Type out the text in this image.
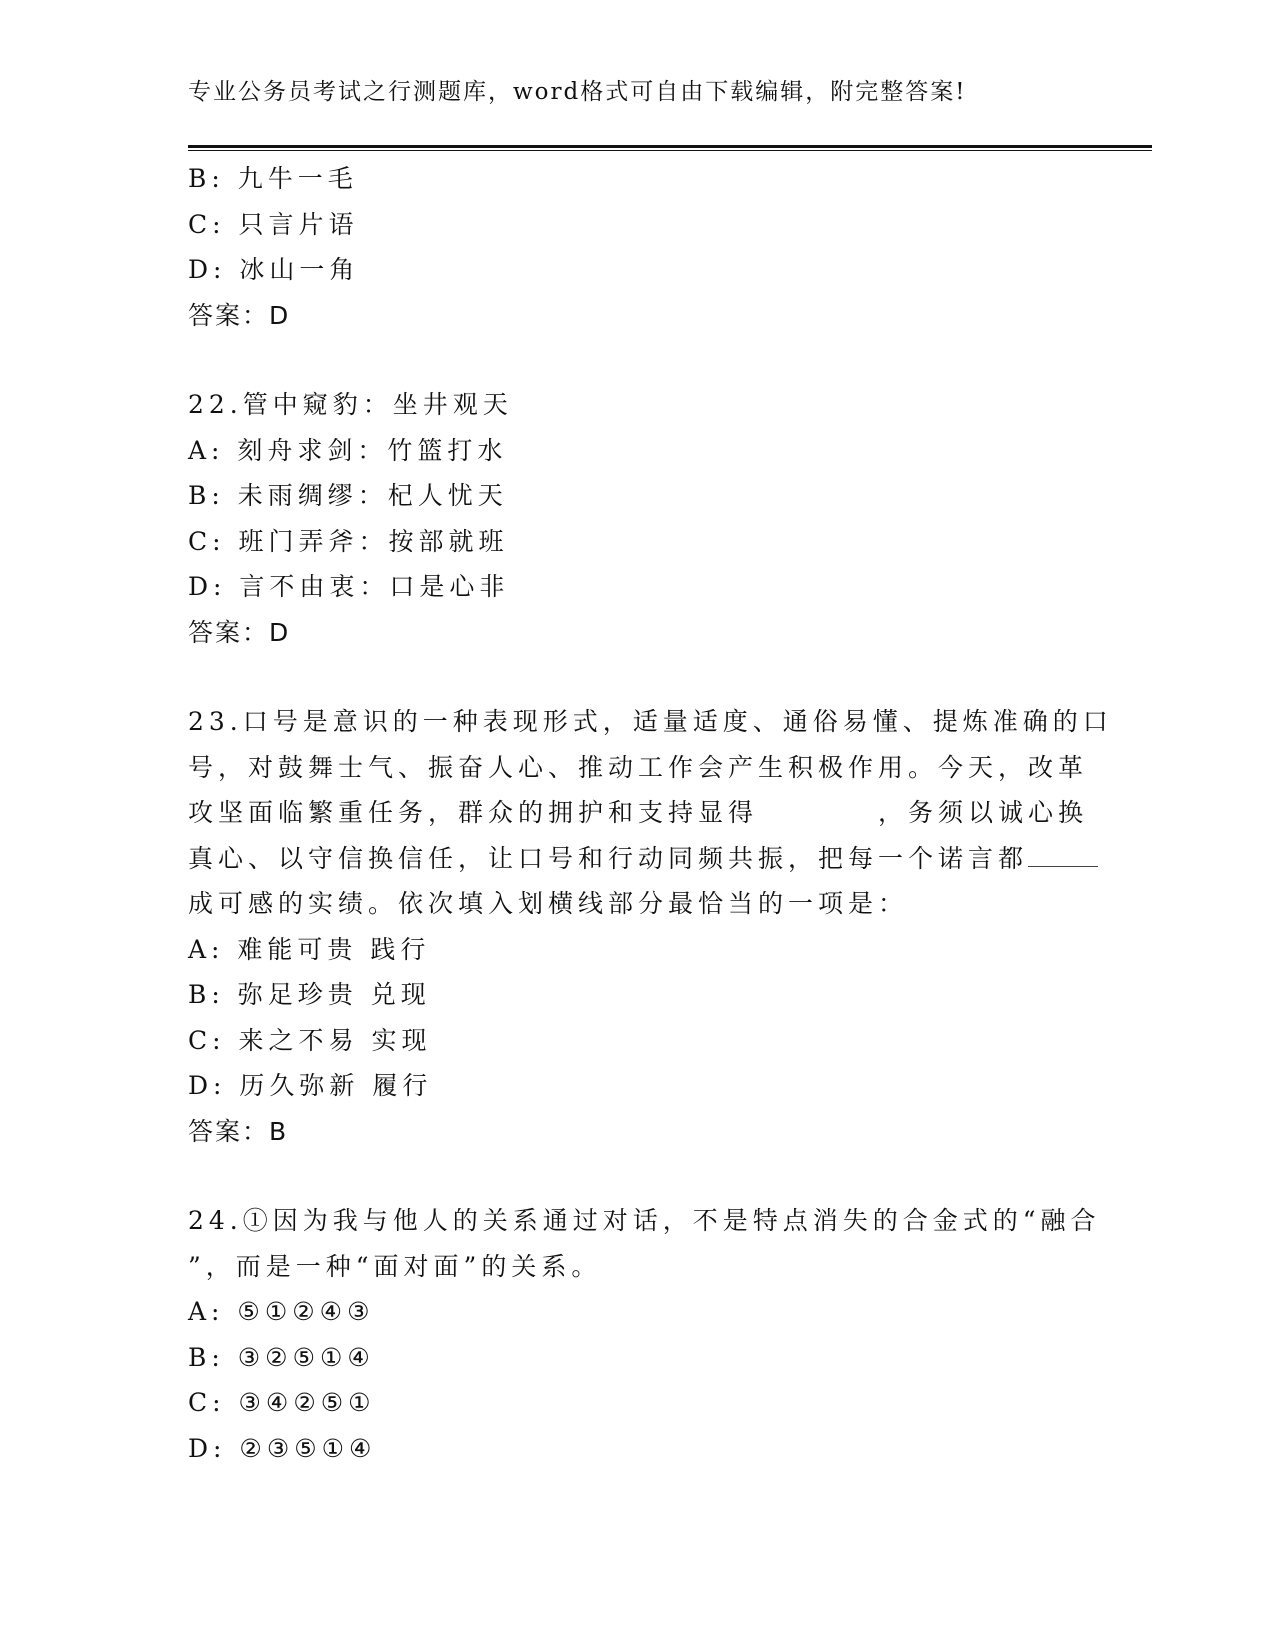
专业公务员考试之行测题库，word格式可自由下载编辑，附完整答案!
B: 九牛一毛
C: 只言片语
D: 冰山一角
答案：D
22.管中窥豹：坐井观天
A: 刻舟求剑：竹篮打水
B: 未雨绸缪：杞人忧天
C: 班门弄斧：按部就班
D: 言不由衷：口是心非
答案：D
23.口号是意识的一种表现形式，适量适度、通俗易懂、提炼准确的口
号，对鼓舞士气、振奋人心、推动工作会产生积极作用。今天，改革
攻坚面临繁重任务，群众的拥护和支持显得	，务须以诚心换
真心、以守信换信任，让口号和行动同频共振，把每一个诺言都
成可感的实绩。依次填入划横线部分最恰当的一项是：
A: 难能可贵 践行
B: 弥足珍贵 兑现
C: 来之不易 实现
D: 历久弥新 履行
答案：B
24.①因为我与他人的关系通过对话，不是特点消失的合金式的“融合
”，而是一种“面对面”的关系。
A: ⑤①②④③
B: ③②⑤①④
C: ③④②⑤①
D: ②③⑤①④
